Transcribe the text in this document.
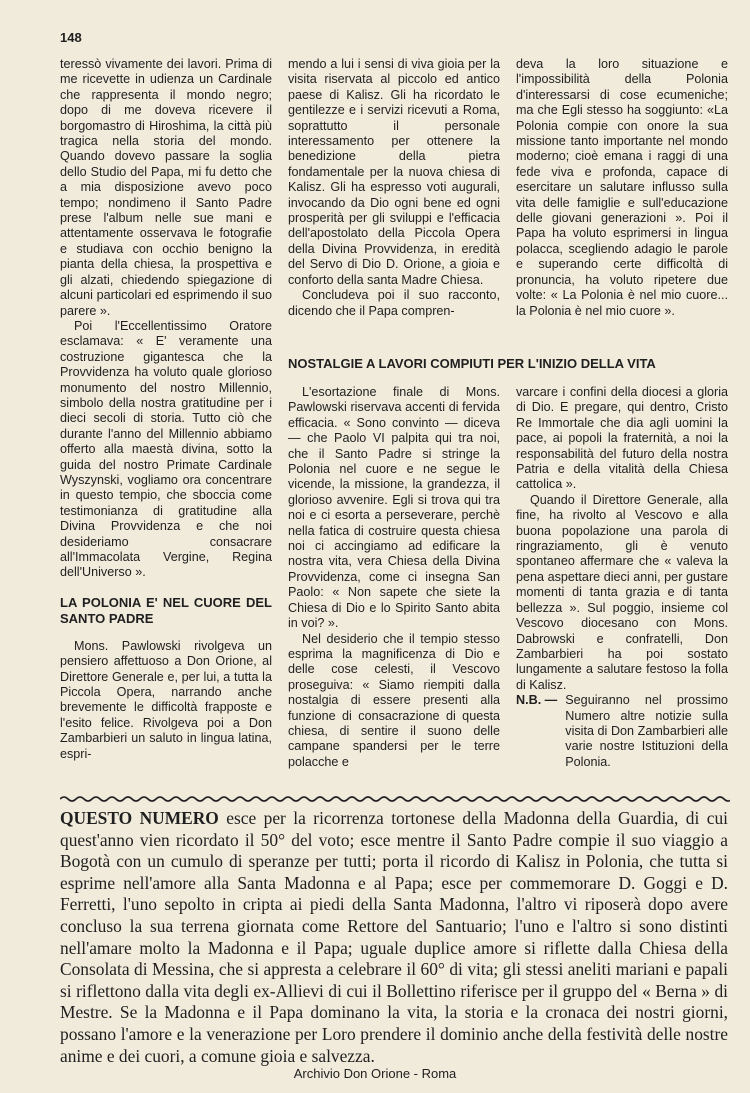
148

teressò vivamente dei lavori. Prima di me ricevette in udienza un Cardinale che rappresenta il mondo negro; dopo di me doveva ricevere il borgomastro di Hiroshima, la città più tragica nella storia del mondo. Quando dovevo passare la soglia dello Studio del Papa, mi fu detto che a mia disposizione avevo poco tempo; nondimeno il Santo Padre prese l'album nelle sue mani e attentamente osservava le fotografie e studiava con occhio benigno la pianta della chiesa, la prospettiva e gli alzati, chiedendo spiegazione di alcuni particolari ed esprimendo il suo parere ».

Poi l'Eccellentissimo Oratore esclamava: « E' veramente una costruzione gigantesca che la Provvidenza ha voluto quale glorioso monumento del nostro Millennio, simbolo della nostra gratitudine per i dieci secoli di storia. Tutto ciò che durante l'anno del Millennio abbiamo offerto alla maestà divina, sotto la guida del nostro Primate Cardinale Wyszynski, vogliamo ora concentrare in questo tempio, che sboccia come testimonianza di gratitudine alla Divina Provvidenza e che noi desideriamo consacrare all'Immacolata Vergine, Regina dell'Universo ».

LA POLONIA E' NEL CUORE DEL SANTO PADRE

Mons. Pawlowski rivolgeva un pensiero affettuoso a Don Orione, al Direttore Generale e, per lui, a tutta la Piccola Opera, narrando anche brevemente le difficoltà frapposte e l'esito felice. Rivolgeva poi a Don Zambarbieri un saluto in lingua latina, espri-

mendo a lui i sensi di viva gioia per la visita riservata al piccolo ed antico paese di Kalisz. Gli ha ricordato le gentilezze e i servizi ricevuti a Roma, soprattutto il personale interessamento per ottenere la benedizione della pietra fondamentale per la nuova chiesa di Kalisz. Gli ha espresso voti augurali, invocando da Dio ogni bene ed ogni prosperità per gli sviluppi e l'efficacia dell'apostolato della Piccola Opera della Divina Provvidenza, in eredità del Servo di Dio D. Orione, a gioia e conforto della santa Madre Chiesa.

Concludeva poi il suo racconto, dicendo che il Papa compren-

deva la loro situazione e l'impossibilità della Polonia d'interessarsi di cose ecumeniche; ma che Egli stesso ha soggiunto: «La Polonia compie con onore la sua missione tanto importante nel mondo moderno; cioè emana i raggi di una fede viva e profonda, capace di esercitare un salutare influsso sulla vita delle famiglie e sull'educazione delle giovani generazioni ». Poi il Papa ha voluto esprimersi in lingua polacca, scegliendo adagio le parole e superando certe difficoltà di pronuncia, ha voluto ripetere due volte: « La Polonia è nel mio cuore... la Polonia è nel mio cuore ».

NOSTALGIE A LAVORI COMPIUTI PER L'INIZIO DELLA VITA

L'esortazione finale di Mons. Pawlowski riservava accenti di fervida efficacia. « Sono convinto — diceva — che Paolo VI palpita qui tra noi, che il Santo Padre si stringe la Polonia nel cuore e ne segue le vicende, la missione, la grandezza, il glorioso avvenire. Egli si trova qui tra noi e ci esorta a perseverare, perchè nella fatica di costruire questa chiesa noi ci accingiamo ad edificare la nostra vita, vera Chiesa della Divina Provvidenza, come ci insegna San Paolo: « Non sapete che siete la Chiesa di Dio e lo Spirito Santo abita in voi? ».

Nel desiderio che il tempio stesso esprima la magnificenza di Dio e delle cose celesti, il Vescovo proseguiva: « Siamo riempiti dalla nostalgia di essere presenti alla funzione di consacrazione di questa chiesa, di sentire il suono delle campane spandersi per le terre polacche e

varcare i confini della diocesi a gloria di Dio. E pregare, qui dentro, Cristo Re Immortale che dia agli uomini la pace, ai popoli la fraternità, a noi la responsabilità del futuro della nostra Patria e della vitalità della Chiesa cattolica ».

Quando il Direttore Generale, alla fine, ha rivolto al Vescovo e alla buona popolazione una parola di ringraziamento, gli è venuto spontaneo affermare che « valeva la pena aspettare dieci anni, per gustare momenti di tanta grazia e di tanta bellezza ». Sul poggio, insieme col Vescovo diocesano con Mons. Dabrowski e confratelli, Don Zambarbieri ha poi sostato lungamente a salutare festoso la folla di Kalisz.

N.B. — Seguiranno nel prossimo Numero altre notizie sulla visita di Don Zambarbieri alle varie nostre Istituzioni della Polonia.
QUESTO NUMERO esce per la ricorrenza tortonese della Madonna della Guardia, di cui quest'anno vien ricordato il 50° del voto; esce mentre il Santo Padre compie il suo viaggio a Bogotà con un cumulo di speranze per tutti; porta il ricordo di Kalisz in Polonia, che tutta si esprime nell'amore alla Santa Madonna e al Papa; esce per commemorare D. Goggi e D. Ferretti, l'uno sepolto in cripta ai piedi della Santa Madonna, l'altro vi riposerà dopo avere concluso la sua terrena giornata come Rettore del Santuario; l'uno e l'altro si sono distinti nell'amare molto la Madonna e il Papa; uguale duplice amore si riflette dalla Chiesa della Consolata di Messina, che si appresta a celebrare il 60° di vita; gli stessi aneliti mariani e papali si riflettono dalla vita degli ex-Allievi di cui il Bollettino riferisce per il gruppo del « Berna » di Mestre. Se la Madonna e il Papa dominano la vita, la storia e la cronaca dei nostri giorni, possano l'amore e la venerazione per Loro prendere il dominio anche della festività delle nostre anime e dei cuori, a comune gioia e salvezza.
Archivio Don Orione - Roma
